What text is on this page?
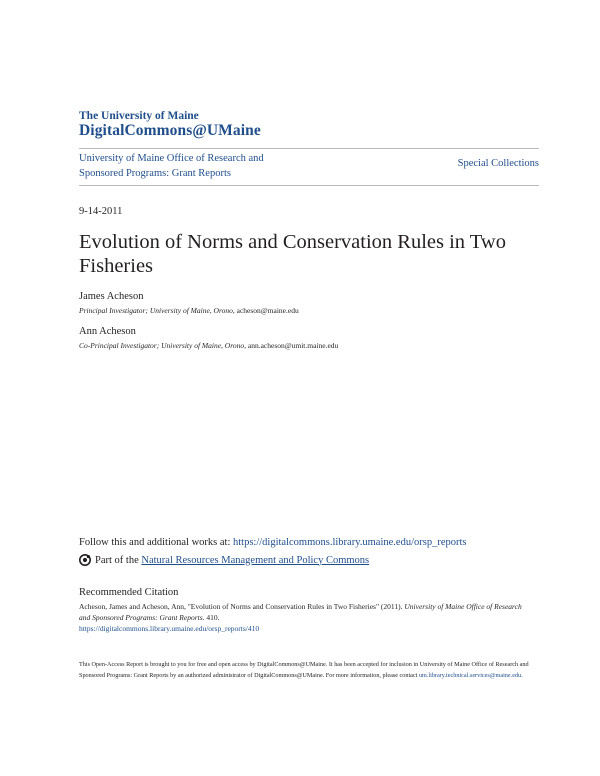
The University of Maine
DigitalCommons@UMaine
University of Maine Office of Research and Sponsored Programs: Grant Reports
Special Collections
9-14-2011
Evolution of Norms and Conservation Rules in Two Fisheries
James Acheson
Principal Investigator; University of Maine, Orono, acheson@maine.edu
Ann Acheson
Co-Principal Investigator; University of Maine, Orono, ann.acheson@umit.maine.edu
Follow this and additional works at: https://digitalcommons.library.umaine.edu/orsp_reports
Part of the
Natural Resources Management and Policy Commons
Recommended Citation
Acheson, James and Acheson, Ann, "Evolution of Norms and Conservation Rules in Two Fisheries" (2011). University of Maine Office of Research and Sponsored Programs: Grant Reports. 410.
https://digitalcommons.library.umaine.edu/orsp_reports/410
This Open-Access Report is brought to you for free and open access by DigitalCommons@UMaine. It has been accepted for inclusion in University of Maine Office of Research and Sponsored Programs: Grant Reports by an authorized administrator of DigitalCommons@UMaine. For more information, please contact um.library.technical.services@maine.edu.
